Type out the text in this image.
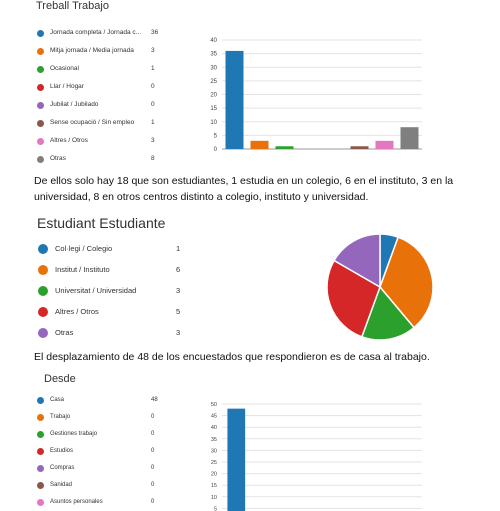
Treball Trabajo
Jornada completa / Jornada c...	36
Mitja jornada / Media jornada	3
Ocasional	1
Llar / Hogar	0
Jubilat / Jubilado	0
Sense ocupació / Sin empleo	1
Altres / Otros	3
Otras	8
0
5
10
15
20
25
30
35
40
De ellos solo hay 18 que son estudiantes, 1 estudia en un colegio, 6 en el instituto, 3 en la universidad, 8 en otros centros distinto a colegio, instituto y universidad.
Estudiant Estudiante
Col·legi / Colegio	1
Institut / Instituto	6
Universitat / Universidad	3
Altres / Otros	5
Otras	3
El desplazamiento de 48 de los encuestados que respondieron es de casa al trabajo.
Desde
Casa	48
Trabajo	0
Gestiones trabajo	0
Estudios	0
Compras	0
Sanidad	0
Asuntos personales	0
5
10
15
20
25
30
35
40
45
50
